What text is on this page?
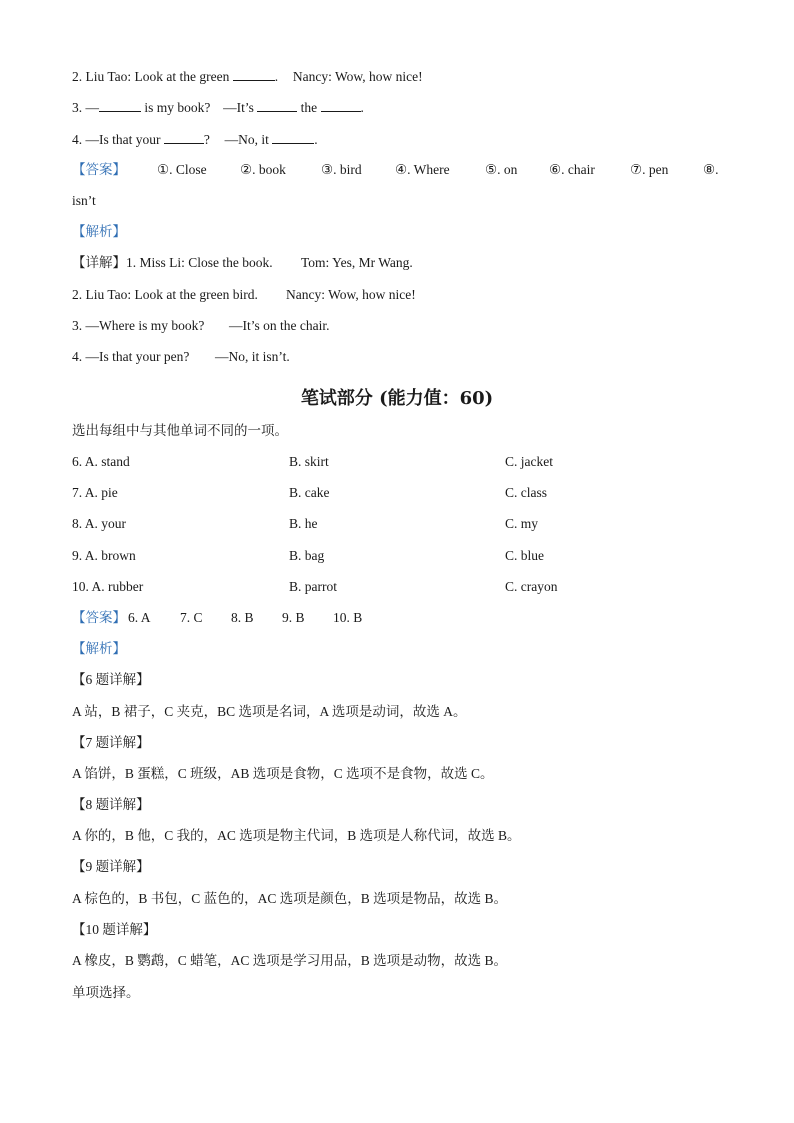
2. Liu Tao: Look at the green	. Nancy: Wow, how nice!
3. —	is my book? —It’s	the	.
4. —Is that your	? —No, it	.
【答案】 ①. Close ②. book	③. bird ④. Where	⑤. on ⑥. chair	⑦. pen	⑧.
isn’t
【解析】
【详解】1. Miss Li: Close the book. Tom: Yes, Mr Wang.
2. Liu Tao: Look at the green bird. Nancy: Wow, how nice!
3. —Where is my book? —It’s on the chair.
4. —Is that your pen? —No, it isn’t.
笔试部分 (能力值：60)
选出每组中与其他单词不同的一项。
6. A. stand	B. skirt	C. jacket
7. A. pie	B. cake	C. class
8. A. your	B. he	C. my
9. A. brown	B. bag	C. blue
10. A. rubber	B. parrot	C. crayon
【答案】 6. A 7. C 8. B 9. B 10. B
【解析】
【6 题详解】
A 站，B 裙子，C 夹克，BC 选项是名词，A 选项是动词，故选 A。
【7 题详解】
A 馅饼，B 蛋糕，C 班级，AB 选项是食物，C 选项不是食物，故选 C。
【8 题详解】
A 你的，B 他，C 我的，AC 选项是物主代词，B 选项是人称代词，故选 B。
【9 题详解】
A 棕色的，B 书包，C 蓝色的，AC 选项是颜色，B 选项是物品，故选 B。
【10 题详解】
A 橡皮，B 鹦鹉，C 蜡笔，AC 选项是学习用品，B 选项是动物，故选 B。
单项选择。
